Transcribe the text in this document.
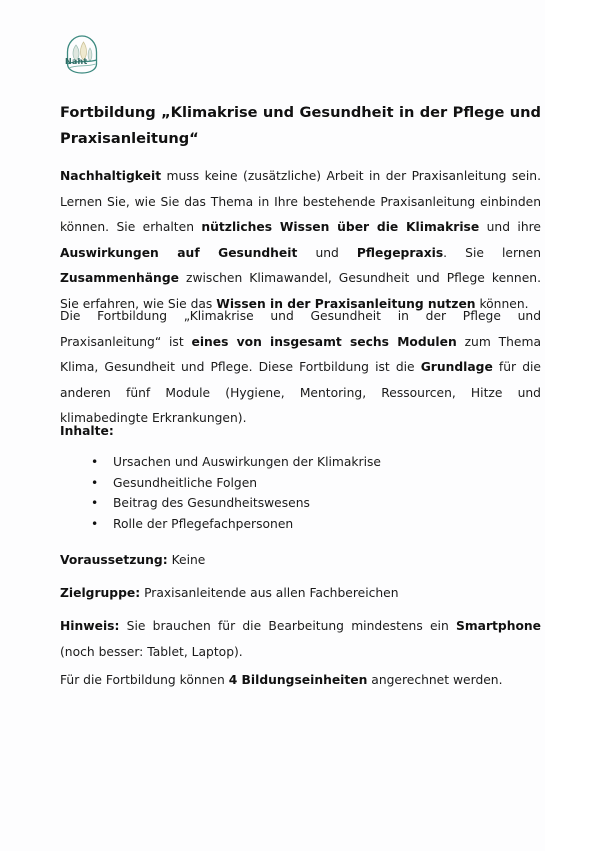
Naht
Fortbildung „Klimakrise und Gesundheit in der Pflege und Praxisanleitung“

Nachhaltigkeit muss keine (zusätzliche) Arbeit in der Praxisanleitung sein. Lernen Sie, wie Sie das Thema in Ihre bestehende Praxisanleitung einbinden können. Sie erhalten nützliches Wissen über die Klimakrise und ihre Auswirkungen auf Gesundheit und Pflegepraxis. Sie lernen Zusammenhänge zwischen Klimawandel, Gesundheit und Pflege kennen. Sie erfahren, wie Sie das Wissen in der Praxisanleitung nutzen können.

Die Fortbildung „Klimakrise und Gesundheit in der Pflege und Praxisanleitung“ ist eines von insgesamt sechs Modulen zum Thema Klima, Gesundheit und Pflege. Diese Fortbildung ist die Grundlage für die anderen fünf Module (Hygiene, Mentoring, Ressourcen, Hitze und klimabedingte Erkrankungen).

Inhalte:

• Ursachen und Auswirkungen der Klimakrise
• Gesundheitliche Folgen
• Beitrag des Gesundheitswesens
• Rolle der Pflegefachpersonen

Voraussetzung: Keine

Zielgruppe: Praxisanleitende aus allen Fachbereichen

Hinweis: Sie brauchen für die Bearbeitung mindestens ein Smartphone (noch besser: Tablet, Laptop).

Für die Fortbildung können 4 Bildungseinheiten angerechnet werden.
